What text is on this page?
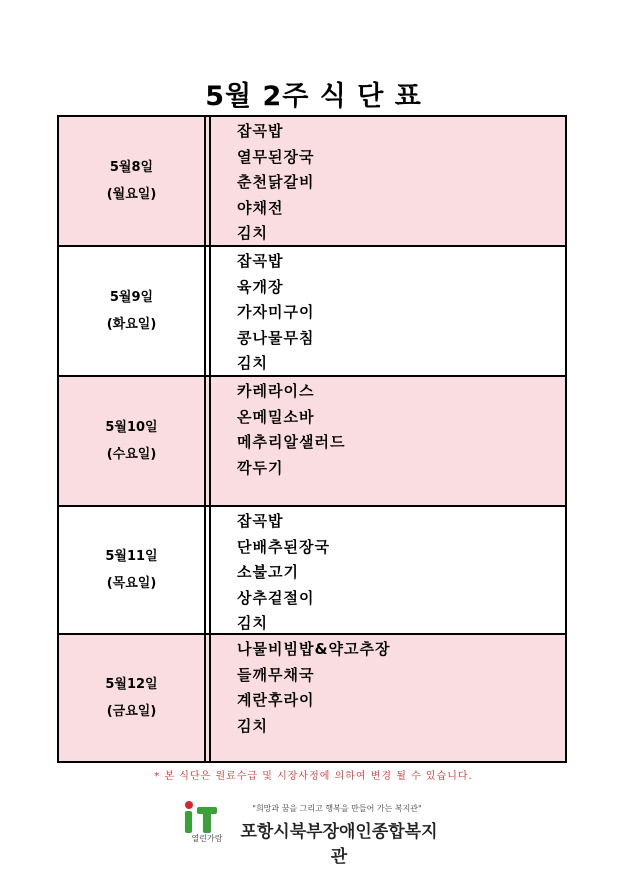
5월 2주 식 단 표
5월8일
(월요일)
잡곡밥
열무된장국
춘천닭갈비
야채전
김치
5월9일
(화요일)
잡곡밥
육개장
가자미구이
콩나물무침
김치
5월10일
(수요일)
카레라이스
온메밀소바
메추리알샐러드
깍두기
5월11일
(목요일)
잡곡밥
단배추된장국
소불고기
상추겉절이
김치
5월12일
(금요일)
나물비빔밥&약고추장
들깨무채국
계란후라이
김치
* 본 식단은 원료수급 및 시장사정에 의하여 변경 될 수 있습니다.
열린가람
"희망과 꿈을 그리고 행복을 만들어 가는 복지관"
포항시북부장애인종합복지관
